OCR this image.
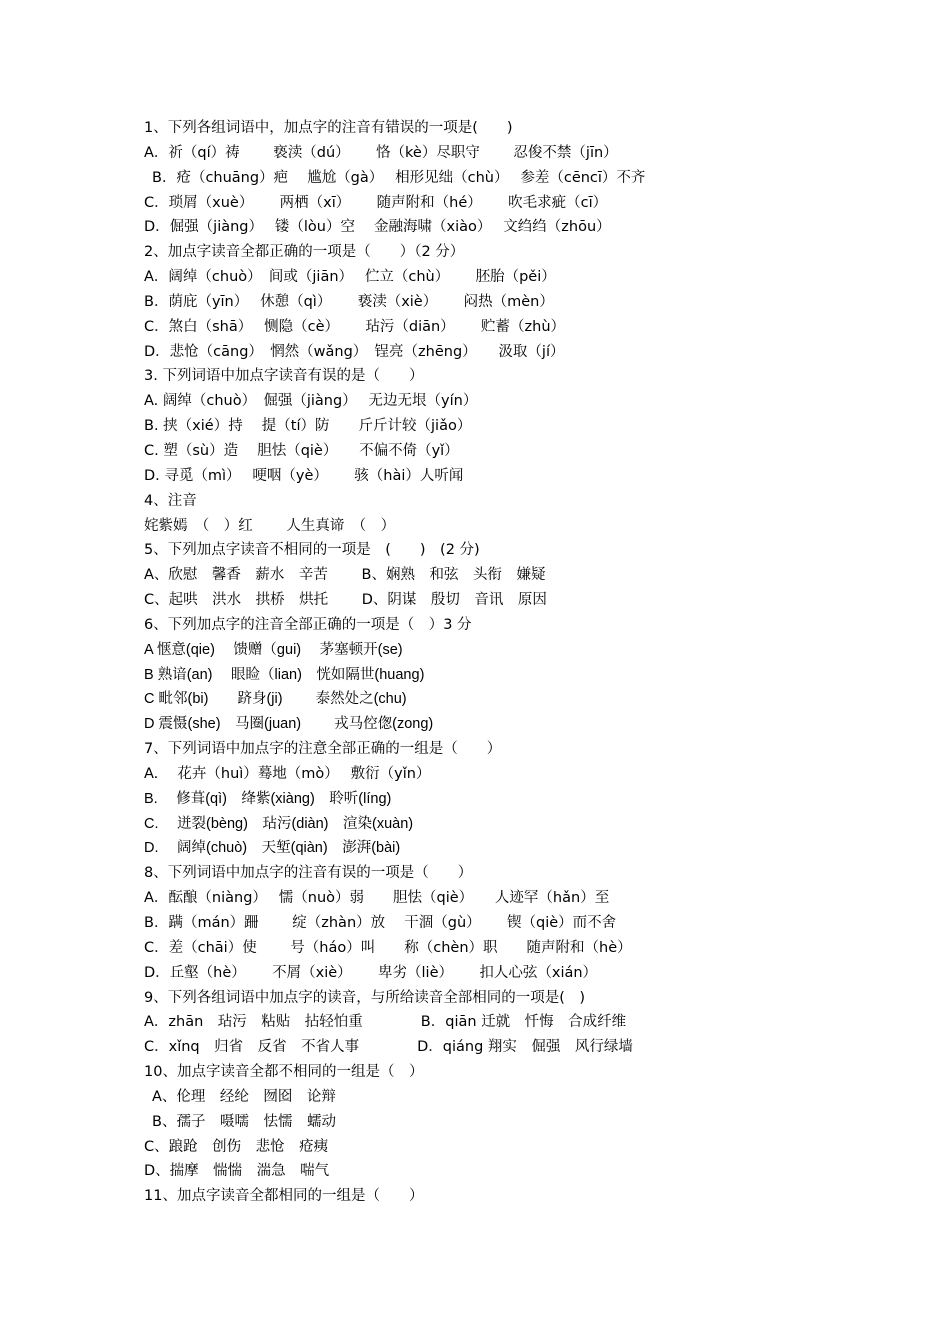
1、下列各组词语中，加点字的注音有错误的一项是(　　)
A．祈（qí）祷　　 亵渎（dú）　　 恪（kè）尽职守　　 忍俊不禁（jīn）
B．疮（chuāng）疤　 尴尬（gà）　 相形见绌（chù）　 参差（cēncī）不齐
C．琐屑（xuè）　　 两栖（xī）　　 随声附和（hé）　　 吹毛求疵（cī）
D．倔强（jiàng）　 镂（lòu）空　 金融海啸（xiào）　 文绉绉（zhōu）
2、加点字读音全都正确的一项是（　　）（2 分）
A．阔绰（chuò）　间或（jiān）　 伫立（chù）　　 胚胎（pěi）
B．荫庇（yīn）　 休憩（qì）　　 亵渎（xiè）　　 闷热（mèn）
C．煞白（shā）　 恻隐（cè）　　 玷污（diān）　　 贮蓄（zhù）
D．悲怆（cāng）　惘然（wǎng）　锃亮（zhēng）　　汲取（jí）
3. 下列词语中加点字读音有误的是（　　）
A. 阔绰（chuò）　倔强（jiàng）　 无边无垠（yín）
B. 挟（xié）持　 提（tí）防　　斤斤计较（jiǎo）
C. 塑（sù）造　 胆怯（qiè）　　不偏不倚（yǐ）
D. 寻觅（mì）　 哽咽（yè）　　 骇（hài）人听闻
4、注音
姹紫嫣　（　）红　　 人生真谛　（　）
5、下列加点字读音不相同的一项是　(　　)　(2 分)
A、欣慰　馨香　薪水　辛苦　　 B、娴熟　和弦　头衔　嫌疑
C、起哄　洪水　拱桥　烘托　　 D、阴谋　殷切　音讯　原因
6、下列加点字的注音全部正确的一项是（　）3 分
A 惬意(qie)　 馈赠（gui)　 茅塞顿开(se)
B 熟谙(an)　 眼睑（lian)　恍如隔世(huang)
C 毗邻(bi)　　跻身(ji)　　 泰然处之(chu)
D 震慑(she)　马圈(juan)　　 戎马倥偬(zong)
7、下列词语中加点字的注意全部正确的一组是（　　）
A.　 花卉（huì）蓦地（mò）　 敷衍（yǐn）
B.　 修葺(qì)　绛紫(xiàng)　聆听(líng)
C.　 迸裂(bèng)　玷污(diàn)　渲染(xuàn)
D.　 阔绰(chuò)　天堑(qiàn)　澎湃(bài)
8、下列词语中加点字的注音有误的一项是（　　）
A．酝酿（niàng）　 懦（nuò）弱　　胆怯（qiè）　　人迹罕（hǎn）至
B．蹒（mán）跚　　 绽（zhàn）放　 干涸（gù）　　 锲（qiè）而不舍
C．差（chāi）使　　 号（háo）叫　　称（chèn）职　　随声附和（hè）
D．丘壑（hè）　　 不屑（xiè）　　 卑劣（liè）　　 扣人心弦（xián）
9、下列各组词语中加点字的读音，与所给读音全部相同的一项是(　)
A．zhān　玷污　粘贴　拈轻怕重　　　　B．qiān 迁就　忏悔　合成纤维
C．xǐnq　归省　反省　不省人事　　　　D．qiáng 翔实　倔强　风行绿墙
10、加点字读音全都不相同的一组是（　）
A、伦理　经纶　囫囵　论辩
B、孺子　嗫嚅　怯懦　蠕动
C、踉跄　创伤　悲怆　疮痍
D、揣摩　惴惴　湍急　喘气
11、加点字读音全都相同的一组是（　　）
